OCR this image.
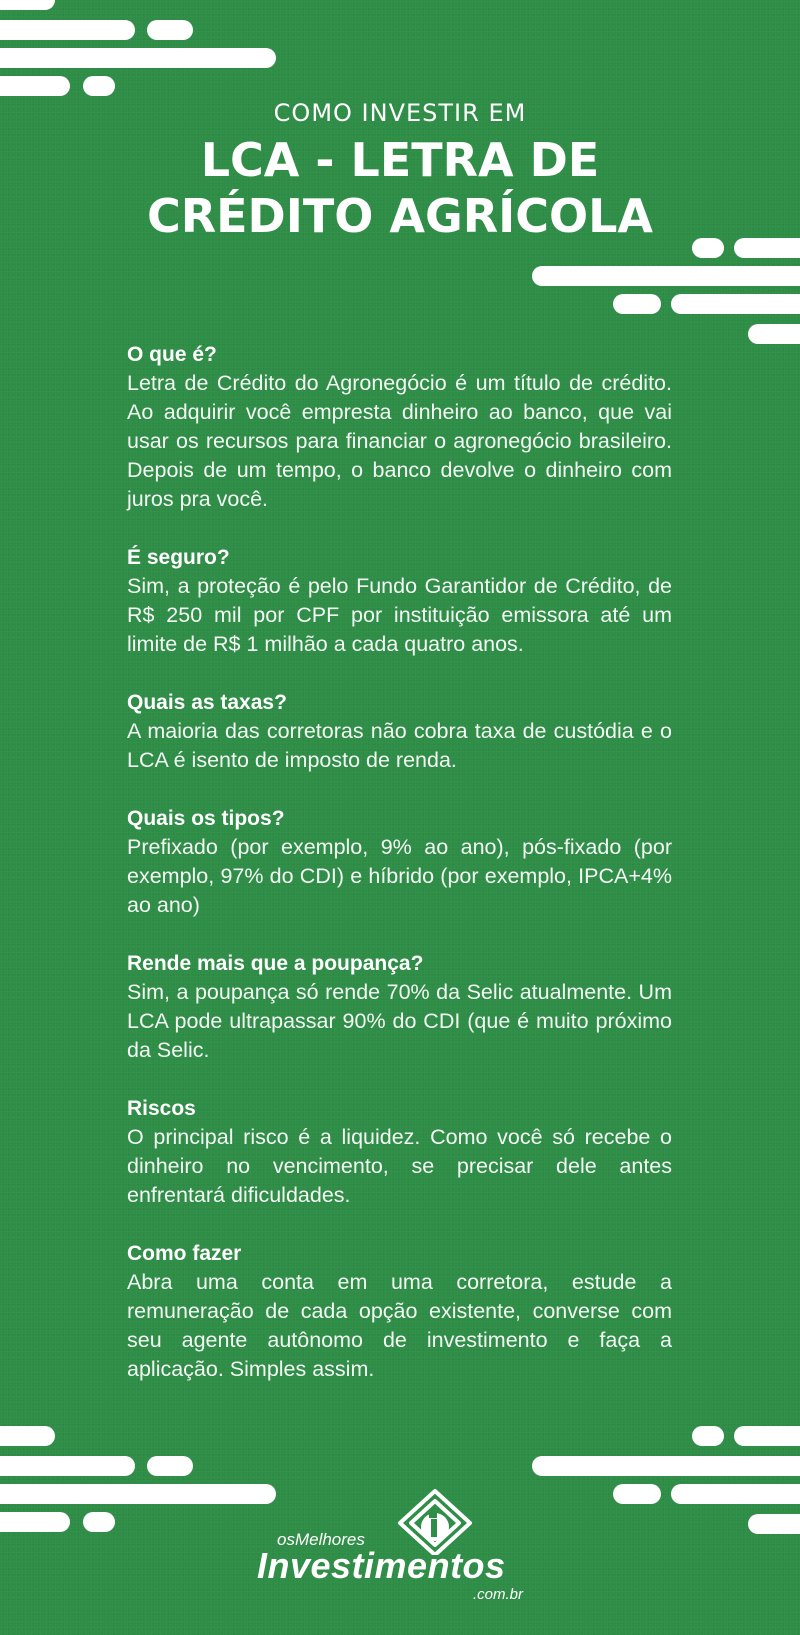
COMO INVESTIR EM
LCA - LETRA DE
CRÉDITO AGRÍCOLA
O que é?

Letra de Crédito do Agronegócio é um título de crédito. Ao adquirir você empresta dinheiro ao banco, que vai usar os recursos para financiar o agronegócio brasileiro. Depois de um tempo, o banco devolve o dinheiro com juros pra você.

É seguro?

Sim, a proteção é pelo Fundo Garantidor de Crédito, de R$ 250 mil por CPF por instituição emissora até um limite de R$ 1 milhão a cada quatro anos.

Quais as taxas?

A maioria das corretoras não cobra taxa de custódia e o LCA é isento de imposto de renda.

Quais os tipos?

Prefixado (por exemplo, 9% ao ano), pós-fixado (por exemplo, 97% do CDI) e híbrido (por exemplo, IPCA+4% ao ano)

Rende mais que a poupança?

Sim, a poupança só rende 70% da Selic atualmente. Um LCA pode ultrapassar 90% do CDI (que é muito próximo da Selic.

Riscos

O principal risco é a liquidez. Como você só recebe o dinheiro no vencimento, se precisar dele antes enfrentará dificuldades.

Como fazer

Abra uma conta em uma corretora, estude a remuneração de cada opção existente, converse com seu agente autônomo de investimento e faça a aplicação. Simples assim.

osMelhores
Investimentos
.com.br
